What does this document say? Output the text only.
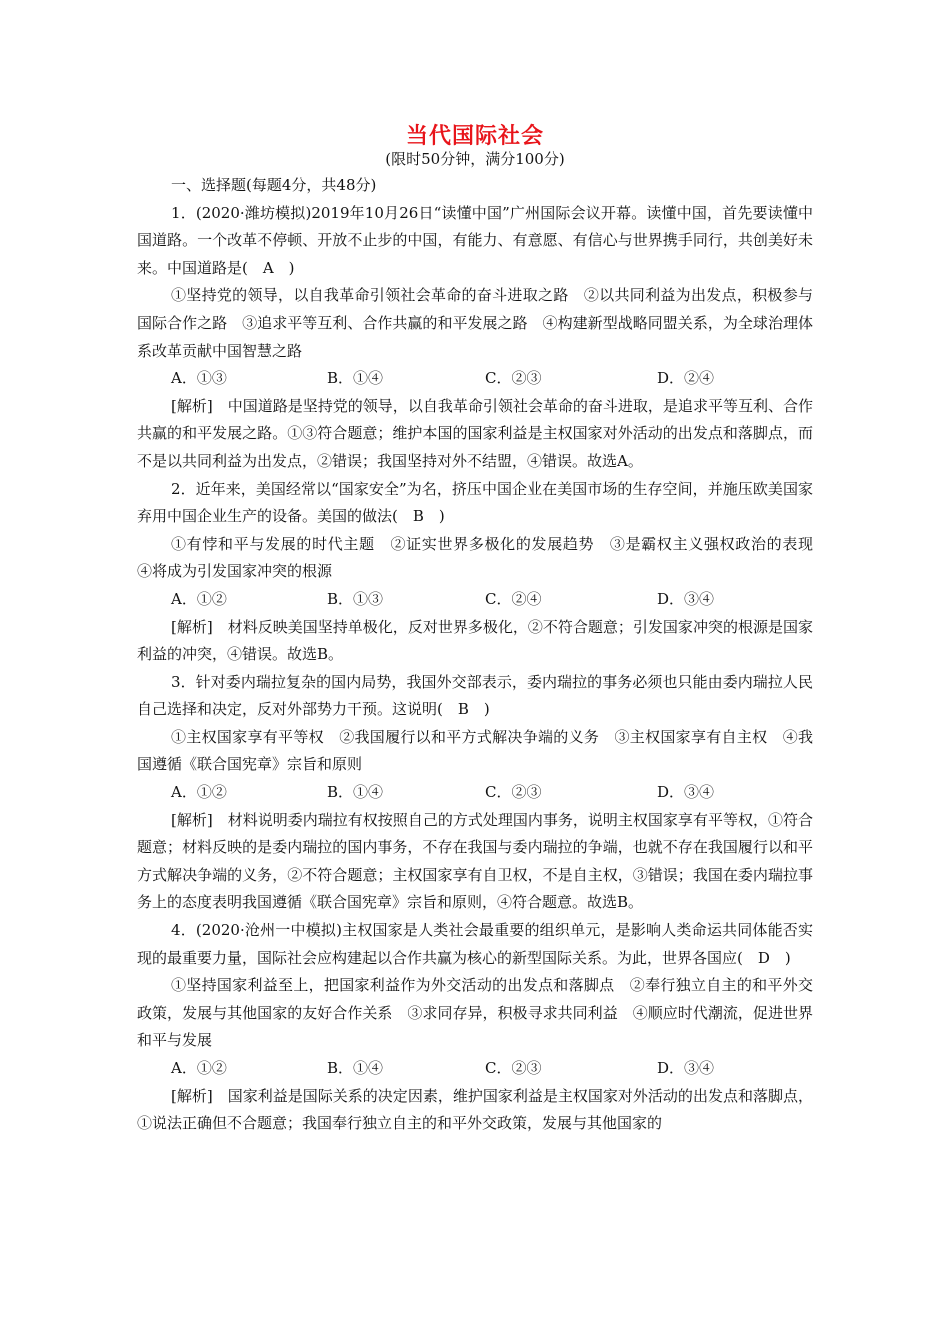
当代国际社会
(限时50分钟，满分100分)

一、选择题(每题4分，共48分)

1．(2020·潍坊模拟)2019年10月26日“读懂中国”广州国际会议开幕。读懂中国，首先要读懂中国道路。一个改革不停顿、开放不止步的中国，有能力、有意愿、有信心与世界携手同行，共创美好未来。中国道路是(　A　)

①坚持党的领导，以自我革命引领社会革命的奋斗进取之路　②以共同利益为出发点，积极参与国际合作之路　③追求平等互利、合作共赢的和平发展之路　④构建新型战略同盟关系，为全球治理体系改革贡献中国智慧之路

A．①③	B．①④	C．②③	D．②④

[解析]　中国道路是坚持党的领导，以自我革命引领社会革命的奋斗进取，是追求平等互利、合作共赢的和平发展之路。①③符合题意；维护本国的国家利益是主权国家对外活动的出发点和落脚点，而不是以共同利益为出发点，②错误；我国坚持对外不结盟，④错误。故选A。

2．近年来，美国经常以“国家安全”为名，挤压中国企业在美国市场的生存空间，并施压欧美国家弃用中国企业生产的设备。美国的做法(　B　)

①有悖和平与发展的时代主题　②证实世界多极化的发展趋势　③是霸权主义强权政治的表现　④将成为引发国家冲突的根源

A．①②	B．①③	C．②④	D．③④

[解析]　材料反映美国坚持单极化，反对世界多极化，②不符合题意；引发国家冲突的根源是国家利益的冲突，④错误。故选B。

3．针对委内瑞拉复杂的国内局势，我国外交部表示，委内瑞拉的事务必须也只能由委内瑞拉人民自己选择和决定，反对外部势力干预。这说明(　B　)

①主权国家享有平等权　②我国履行以和平方式解决争端的义务　③主权国家享有自主权　④我国遵循《联合国宪章》宗旨和原则

A．①②	B．①④	C．②③	D．③④

[解析]　材料说明委内瑞拉有权按照自己的方式处理国内事务，说明主权国家享有平等权，①符合题意；材料反映的是委内瑞拉的国内事务，不存在我国与委内瑞拉的争端，也就不存在我国履行以和平方式解决争端的义务，②不符合题意；主权国家享有自卫权，不是自主权，③错误；我国在委内瑞拉事务上的态度表明我国遵循《联合国宪章》宗旨和原则，④符合题意。故选B。

4．(2020·沧州一中模拟)主权国家是人类社会最重要的组织单元，是影响人类命运共同体能否实现的最重要力量，国际社会应构建起以合作共赢为核心的新型国际关系。为此，世界各国应(　D　)

①坚持国家利益至上，把国家利益作为外交活动的出发点和落脚点　②奉行独立自主的和平外交政策，发展与其他国家的友好合作关系　③求同存异，积极寻求共同利益　④顺应时代潮流，促进世界和平与发展

A．①②	B．①④	C．②③	D．③④

[解析]　国家利益是国际关系的决定因素，维护国家利益是主权国家对外活动的出发点和落脚点，①说法正确但不合题意；我国奉行独立自主的和平外交政策，发展与其他国家的
